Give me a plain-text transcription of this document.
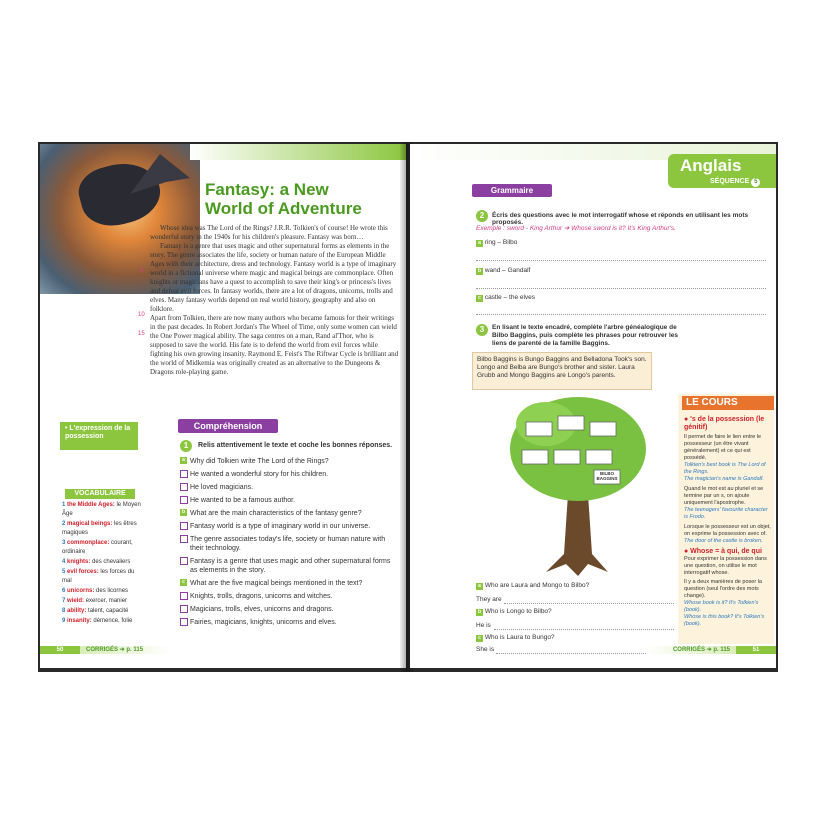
Fantasy: a New
World of Adventure

Whose idea was The Lord of the Rings? J.R.R. Tolkien's of course! He wrote this wonderful story in the 1940s for his children's pleasure. Fantasy was born…

Fantasy is a genre that uses magic and other supernatural forms as elements in the story. The genre associates the life, society or human nature of the European Middle Ages with their architecture, dress and technology. Fantasy world is a type of imaginary world in a fictional universe where magic and magical beings are commonplace. Often knights or magicians have a quest to accomplish to save their king's or princess's lives and defeat evil forces. In fantasy worlds, there are a lot of dragons, unicorns, trolls and elves. Many fantasy worlds depend on real world history, geography and also on folklore.

Apart from Tolkien, there are now many authors who became famous for their writings in the past decades. In Robert Jordan's The Wheel of Time, only some women can wield the One Power magical ability. The saga centres on a man, Rand al'Thor, who is supposed to save the world. His fate is to defend the world from evil forces while fighting his own growing insanity. Raymond E. Feist's The Riftwar Cycle is brilliant and the world of Midkemia was originally created as an alternative to the Dungeons & Dragons role-playing game.

5
10
15
• L'expression de la possession
VOCABULAIRE
1 the Middle Ages: le Moyen Âge
2 magical beings: les êtres magiques
3 commonplace: courant, ordinaire
4 knights: des chevaliers
5 evil forces: les forces du mal
6 unicorns: des licornes
7 wield: exercer, manier
8 ability: talent, capacité
9 insanity: démence, folie
Compréhension
1	Relis attentivement le texte et coche les bonnes réponses.
a Why did Tolkien write The Lord of the Rings?
He wanted a wonderful story for his children.
He loved magicians.
He wanted to be a famous author.
b What are the main characteristics of the fantasy genre?
Fantasy world is a type of imaginary world in our universe.
The genre associates today's life, society or human nature with their technology.
Fantasy is a genre that uses magic and other supernatural forms as elements in the story.
c What are the five magical beings mentioned in the text?
Knights, trolls, dragons, unicorns and witches.
Magicians, trolls, elves, unicorns and dragons.
Fairies, magicians, knights, unicorns and elves.
50	CORRIGÉS ➔ p. 115
Anglais
SÉQUENCE 5
Grammaire
2	Écris des questions avec le mot interrogatif whose et réponds en utilisant les mots proposés.
Exemple : sword - King Arthur ➔ Whose sword is it? It's King Arthur's.
a ring – Bilbo
b wand – Gandalf
c castle – the elves
3	En lisant le texte encadré, complète l'arbre généalogique de Bilbo Baggins, puis complète les phrases pour retrouver les liens de parenté de la famille Baggins.
Bilbo Baggins is Bungo Baggins and Belladona Took's son. Longo and Belba are Bungo's brother and sister. Laura Grubb and Mongo Baggins are Longo's parents.
BILBO BAGGINS
a Who are Laura and Mongo to Bilbo?
They are
b Who is Longo to Bilbo?
He is
c Who is Laura to Bungo?
She is
LE COURS
● 's de la possession (le génitif)
Il permet de faire le lien entre le possesseur (un être vivant généralement) et ce qui est possédé.
Tolkien's best book is The Lord of the Rings.
The magician's name is Gandalf.
Quand le mot est au pluriel et se termine par un s, on ajoute uniquement l'apostrophe.
The teenagers' favourite character is Frodo.
Lorsque le possesseur est un objet, on exprime la possession avec of.
The door of the castle is broken.
● Whose = à qui, de qui
Pour exprimer la possession dans une question, on utilise le mot interrogatif whose.
Il y a deux manières de poser la question (seul l'ordre des mots change).
Whose book is it? It's Tolkien's (book).
Whose is this book? It's Tolkien's (book).
CORRIGÉS ➔ p. 115	51
